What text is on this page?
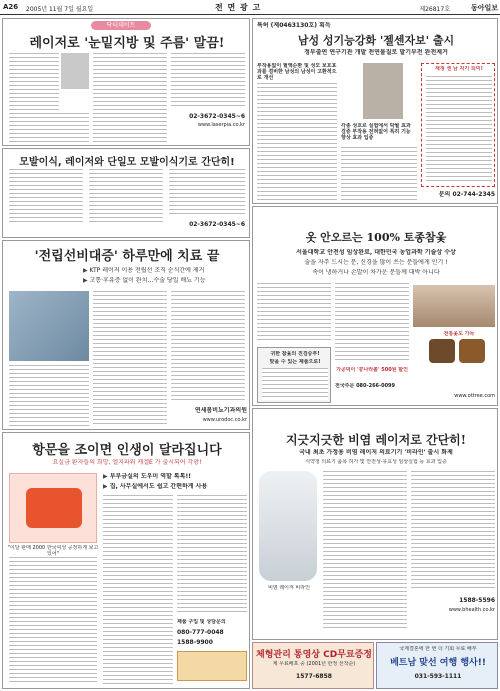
A26 2005년 11월 7일 월요일	전 면 광 고	제26817호	동아일보
닥터데이트
레이저로 '눈밑지방 및 주름' 말끔!
02-3672-0345~6
www.laserpia.co.kr
모발이식, 레이저와 단일모 모발이식기로 간단히!
02-3672-0345~6
'전립선비대증' 하루만에 치료 끝
▶ KTP 레이저 이용 전립선 조직 순식간에 제거
▶ 고통·후유증 없이 완치…수술 당일 배뇨 기능
연세봄비뇨기과의원
www.urodoc.co.kr
항문을 조이면 인생이 달라집니다
요실금 환자들의 희망, 엘지파워 케겔E 가 출시되어 각광!
▶ 부부금실의 도우미 역할 톡톡!!
▶ 집, 사무실에서도 쉽고 간편하게 사용
"이달 판매 2000 한국여성 공정하게 보고 있어"
제품 구입 및 상담문의
080-777-0048
1588-9900
특허 (제0463130호) 획득
남성 성기능강화 '젤센자보' 출시
정부출연 연구기관 개발 천연물질로 발기부전 완전제거
부작용없이 혈액순환 및 성모 보호효과를 겸비한 남성의 남성이 고환적으로 개선
각종 성호르 실험에서 탁월 효과 검증 부작용 전혀없어 특히 기능 향상 효과 입증
재정 센 남 자기 되미!
문의 02-744-2345
옷 안오르는 100% 토종참옻
서울대학교 안전성 임상완료, 대한민국 농업과학 기술상 수상
술을 자주 드시는 분, 신경을 많이 쓰는 분들에게 인기 !
속이 냉하거나 손발이 차가운 분들께 대박 아니다
귀한 참옻의 진검승부!
맞을 수 있는 제품으로!
전통옻도 가득
가공덕이 '콩나라볼' 500원 할인
전국주문 080-266-0099
www.ottree.com
지긋지긋한 비염 레이저로 간단히!
국내 최초 가정용 비염 레이저 의료기기 '비라인' 출시 화제
식약청 의료기 품목 허가 및 안전성·유효성 임상실험 등 효과 입증
비염 레이저 비라인
1588-5596
www.bhealth.co.kr
체형관리 통영상 CD무료증정
제 무료배포 중 (2001년 한정 선착순)
1577-6858
국제결혼에 한 번 더 기회 무료 배부
베트남 맞선 여행 행사!!
031-593-1111
